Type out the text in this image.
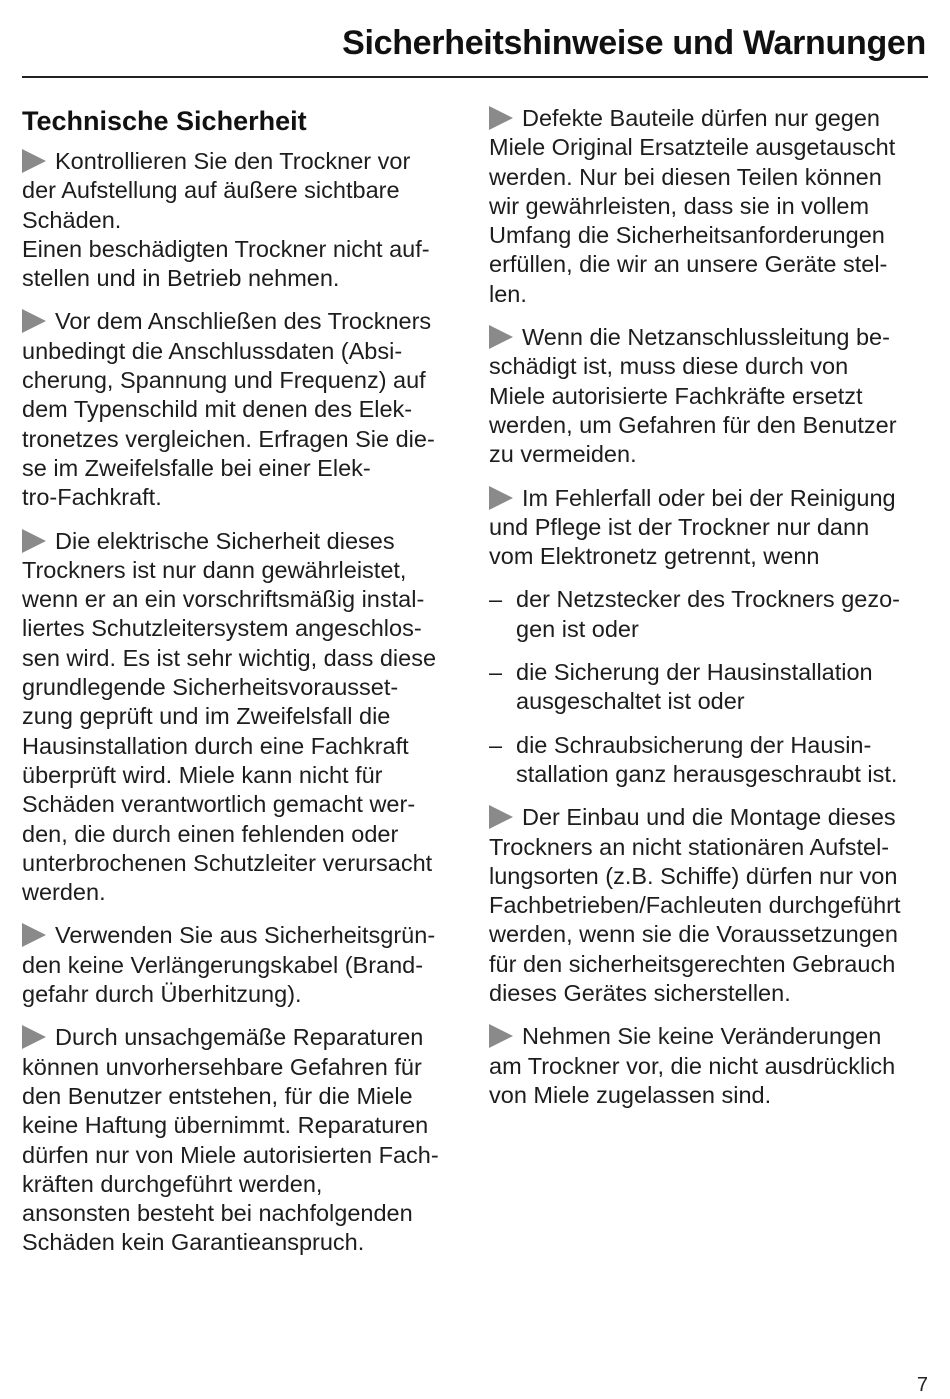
Sicherheitshinweise und Warnungen
Technische Sicherheit
Kontrollieren Sie den Trockner vor
der Aufstellung auf äußere sichtbare
Schäden.
Einen beschädigten Trockner nicht auf-
stellen und in Betrieb nehmen.
Vor dem Anschließen des Trockners
unbedingt die Anschlussdaten (Absi-
cherung, Spannung und Frequenz) auf
dem Typenschild mit denen des Elek-
tronetzes vergleichen. Erfragen Sie die-
se im Zweifelsfalle bei einer Elek-
tro-Fachkraft.
Die elektrische Sicherheit dieses
Trockners ist nur dann gewährleistet,
wenn er an ein vorschriftsmäßig instal-
liertes Schutzleitersystem angeschlos-
sen wird. Es ist sehr wichtig, dass diese
grundlegende Sicherheitsvorausset-
zung geprüft und im Zweifelsfall die
Hausinstallation durch eine Fachkraft
überprüft wird. Miele kann nicht für
Schäden verantwortlich gemacht wer-
den, die durch einen fehlenden oder
unterbrochenen Schutzleiter verursacht
werden.
Verwenden Sie aus Sicherheitsgrün-
den keine Verlängerungskabel (Brand-
gefahr durch Überhitzung).
Durch unsachgemäße Reparaturen
können unvorhersehbare Gefahren für
den Benutzer entstehen, für die Miele
keine Haftung übernimmt. Reparaturen
dürfen nur von Miele autorisierten Fach-
kräften durchgeführt werden,
ansonsten besteht bei nachfolgenden
Schäden kein Garantieanspruch.
Defekte Bauteile dürfen nur gegen
Miele Original Ersatzteile ausgetauscht
werden. Nur bei diesen Teilen können
wir gewährleisten, dass sie in vollem
Umfang die Sicherheitsanforderungen
erfüllen, die wir an unsere Geräte stel-
len.
Wenn die Netzanschlussleitung be-
schädigt ist, muss diese durch von
Miele autorisierte Fachkräfte ersetzt
werden, um Gefahren für den Benutzer
zu vermeiden.
Im Fehlerfall oder bei der Reinigung
und Pflege ist der Trockner nur dann
vom Elektronetz getrennt, wenn
– der Netzstecker des Trockners gezo-
gen ist oder
– die Sicherung der Hausinstallation
ausgeschaltet ist oder
– die Schraubsicherung der Hausin-
stallation ganz herausgeschraubt ist.
Der Einbau und die Montage dieses
Trockners an nicht stationären Aufstel-
lungsorten (z.B. Schiffe) dürfen nur von
Fachbetrieben/Fachleuten durchgeführt
werden, wenn sie die Voraussetzungen
für den sicherheitsgerechten Gebrauch
dieses Gerätes sicherstellen.
Nehmen Sie keine Veränderungen
am Trockner vor, die nicht ausdrücklich
von Miele zugelassen sind.
7
